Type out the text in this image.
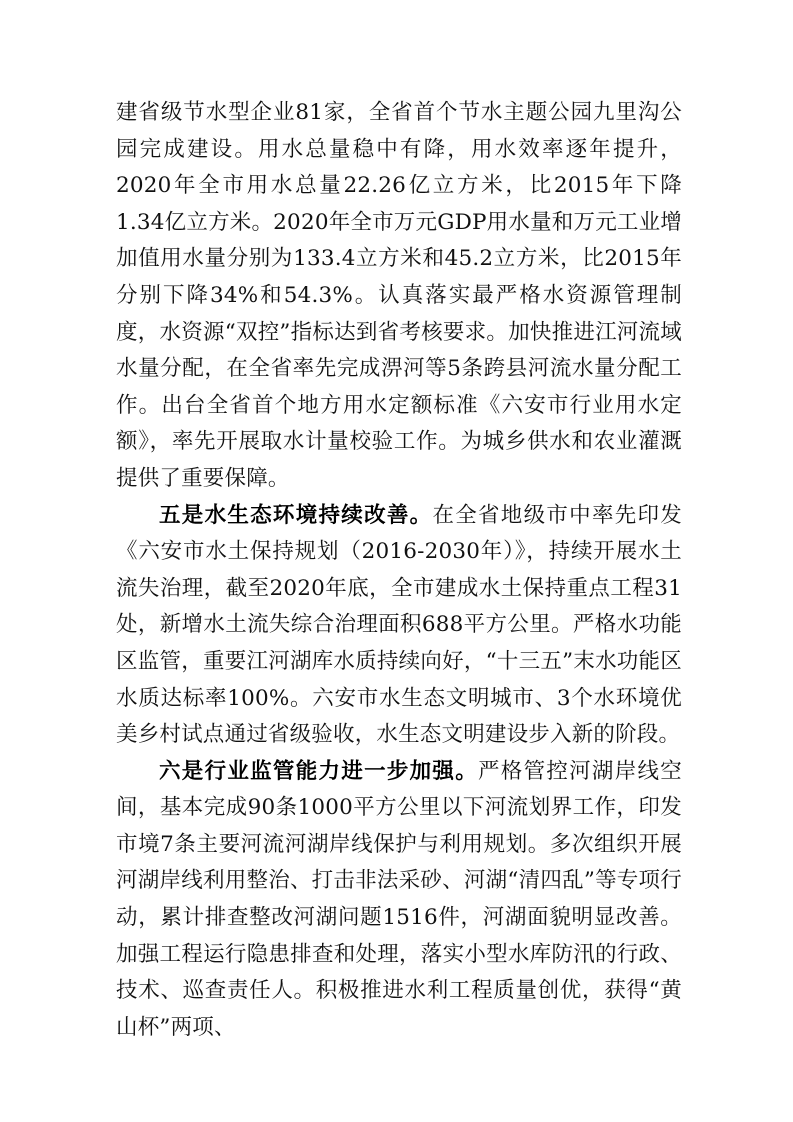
建省级节水型企业81家，全省首个节水主题公园九里沟公园完成建设。用水总量稳中有降，用水效率逐年提升，2020年全市用水总量22.26亿立方米，比2015年下降1.34亿立方米。2020年全市万元GDP用水量和万元工业增加值用水量分别为133.4立方米和45.2立方米，比2015年分别下降34%和54.3%。认真落实最严格水资源管理制度，水资源“双控”指标达到省考核要求。加快推进江河流域水量分配，在全省率先完成淠河等5条跨县河流水量分配工作。出台全省首个地方用水定额标准《六安市行业用水定额》，率先开展取水计量校验工作。为城乡供水和农业灌溉提供了重要保障。

五是水生态环境持续改善。在全省地级市中率先印发《六安市水土保持规划（2016-2030年）》，持续开展水土流失治理，截至2020年底，全市建成水土保持重点工程31处，新增水土流失综合治理面积688平方公里。严格水功能区监管，重要江河湖库水质持续向好，“十三五”末水功能区水质达标率100%。六安市水生态文明城市、3个水环境优美乡村试点通过省级验收，水生态文明建设步入新的阶段。

六是行业监管能力进一步加强。严格管控河湖岸线空间，基本完成90条1000平方公里以下河流划界工作，印发市境7条主要河流河湖岸线保护与利用规划。多次组织开展河湖岸线利用整治、打击非法采砂、河湖“清四乱”等专项行动，累计排查整改河湖问题1516件，河湖面貌明显改善。加强工程运行隐患排查和处理，落实小型水库防汛的行政、技术、巡查责任人。积极推进水利工程质量创优，获得“黄山杯”两项、
